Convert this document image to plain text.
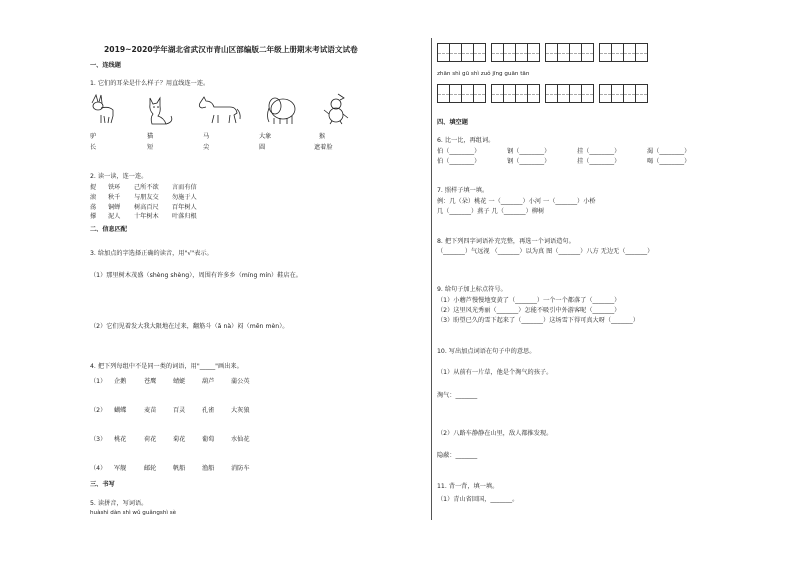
2019~2020学年湖北省武汉市青山区部编版二年级上册期末考试语文试卷
一、连线题
1. 它们的耳朵是什么样子？用直线连一连。
驴	猫	马	大象	猴
长	短	尖	圆	遮着脸
2. 读一读，连一连。
捉 铁环 己所不欲 言而有信
滚 秋千 与朋友交 勿施于人
荡 铜蝉 树高百尺 百年树人
撑 泥人 十年树木 叶落归根
二、信息匹配
3. 给加点的字选择正确的读音，用"√"表示。
（1）那里树木茂盛（shèng shèng），周围有许多乡（míng mín）鞋店在。
（2）它们见着发大我大限地在过来，翻筋斗（ǎ nà）闷（mēn mèn）。
4. 把下列每组中不是同一类的词语，用"_____"画出来。
（1） 企鹅	苍鹰	蜻蜓	葫芦	蒲公英
（2） 蝴蝶	麦苗	百灵	孔雀	大灰狼
（3） 桃花	荷花	菊花	葡萄	水仙花
（4） 军舰	邮轮	帆船	渔船	消防车
三、书写
5. 读拼音，写词语。
huàshì dàn shì wǔ guǎngshì sè
zhān shì gū shì zuǒ jīng guān tān
四、填空题
6. 比一比，再组词。
伯（________）	钢（________）	挂（________）	渴（________）
伯（________）	钢（________）	挂（________）	喝（________）
7. 照样子填一填。
例：几（朵）桃花 一（_______）小河 一（_______）小桥
几（_______）燕子 几（_______）柳树
8. 把下列四字词语补充完整，再选一个词语造句。
（_______）气远视 （_______）以为真 图（_______）八方 无边无（_______）
9. 给句子加上标点符号。
（1）小蘑芦慢慢地变黄了（_______）一个一个都落了（_______）
（2）这里风光秀丽（_______）怎能不吸引中外游客呢（_______）
（3）盼望已久的雪下起来了（_______）这场雪下得可真大呀（_______）
10. 写出加点词语在句子中的意思。
（1）从前有一片草，他是个淘气的孩子。
淘气：_______
（2）八路车静静在山里，敌人都推发现。
隐蔽：_______
11. 背一背，填一填。
（1）青山省回国，_______。
